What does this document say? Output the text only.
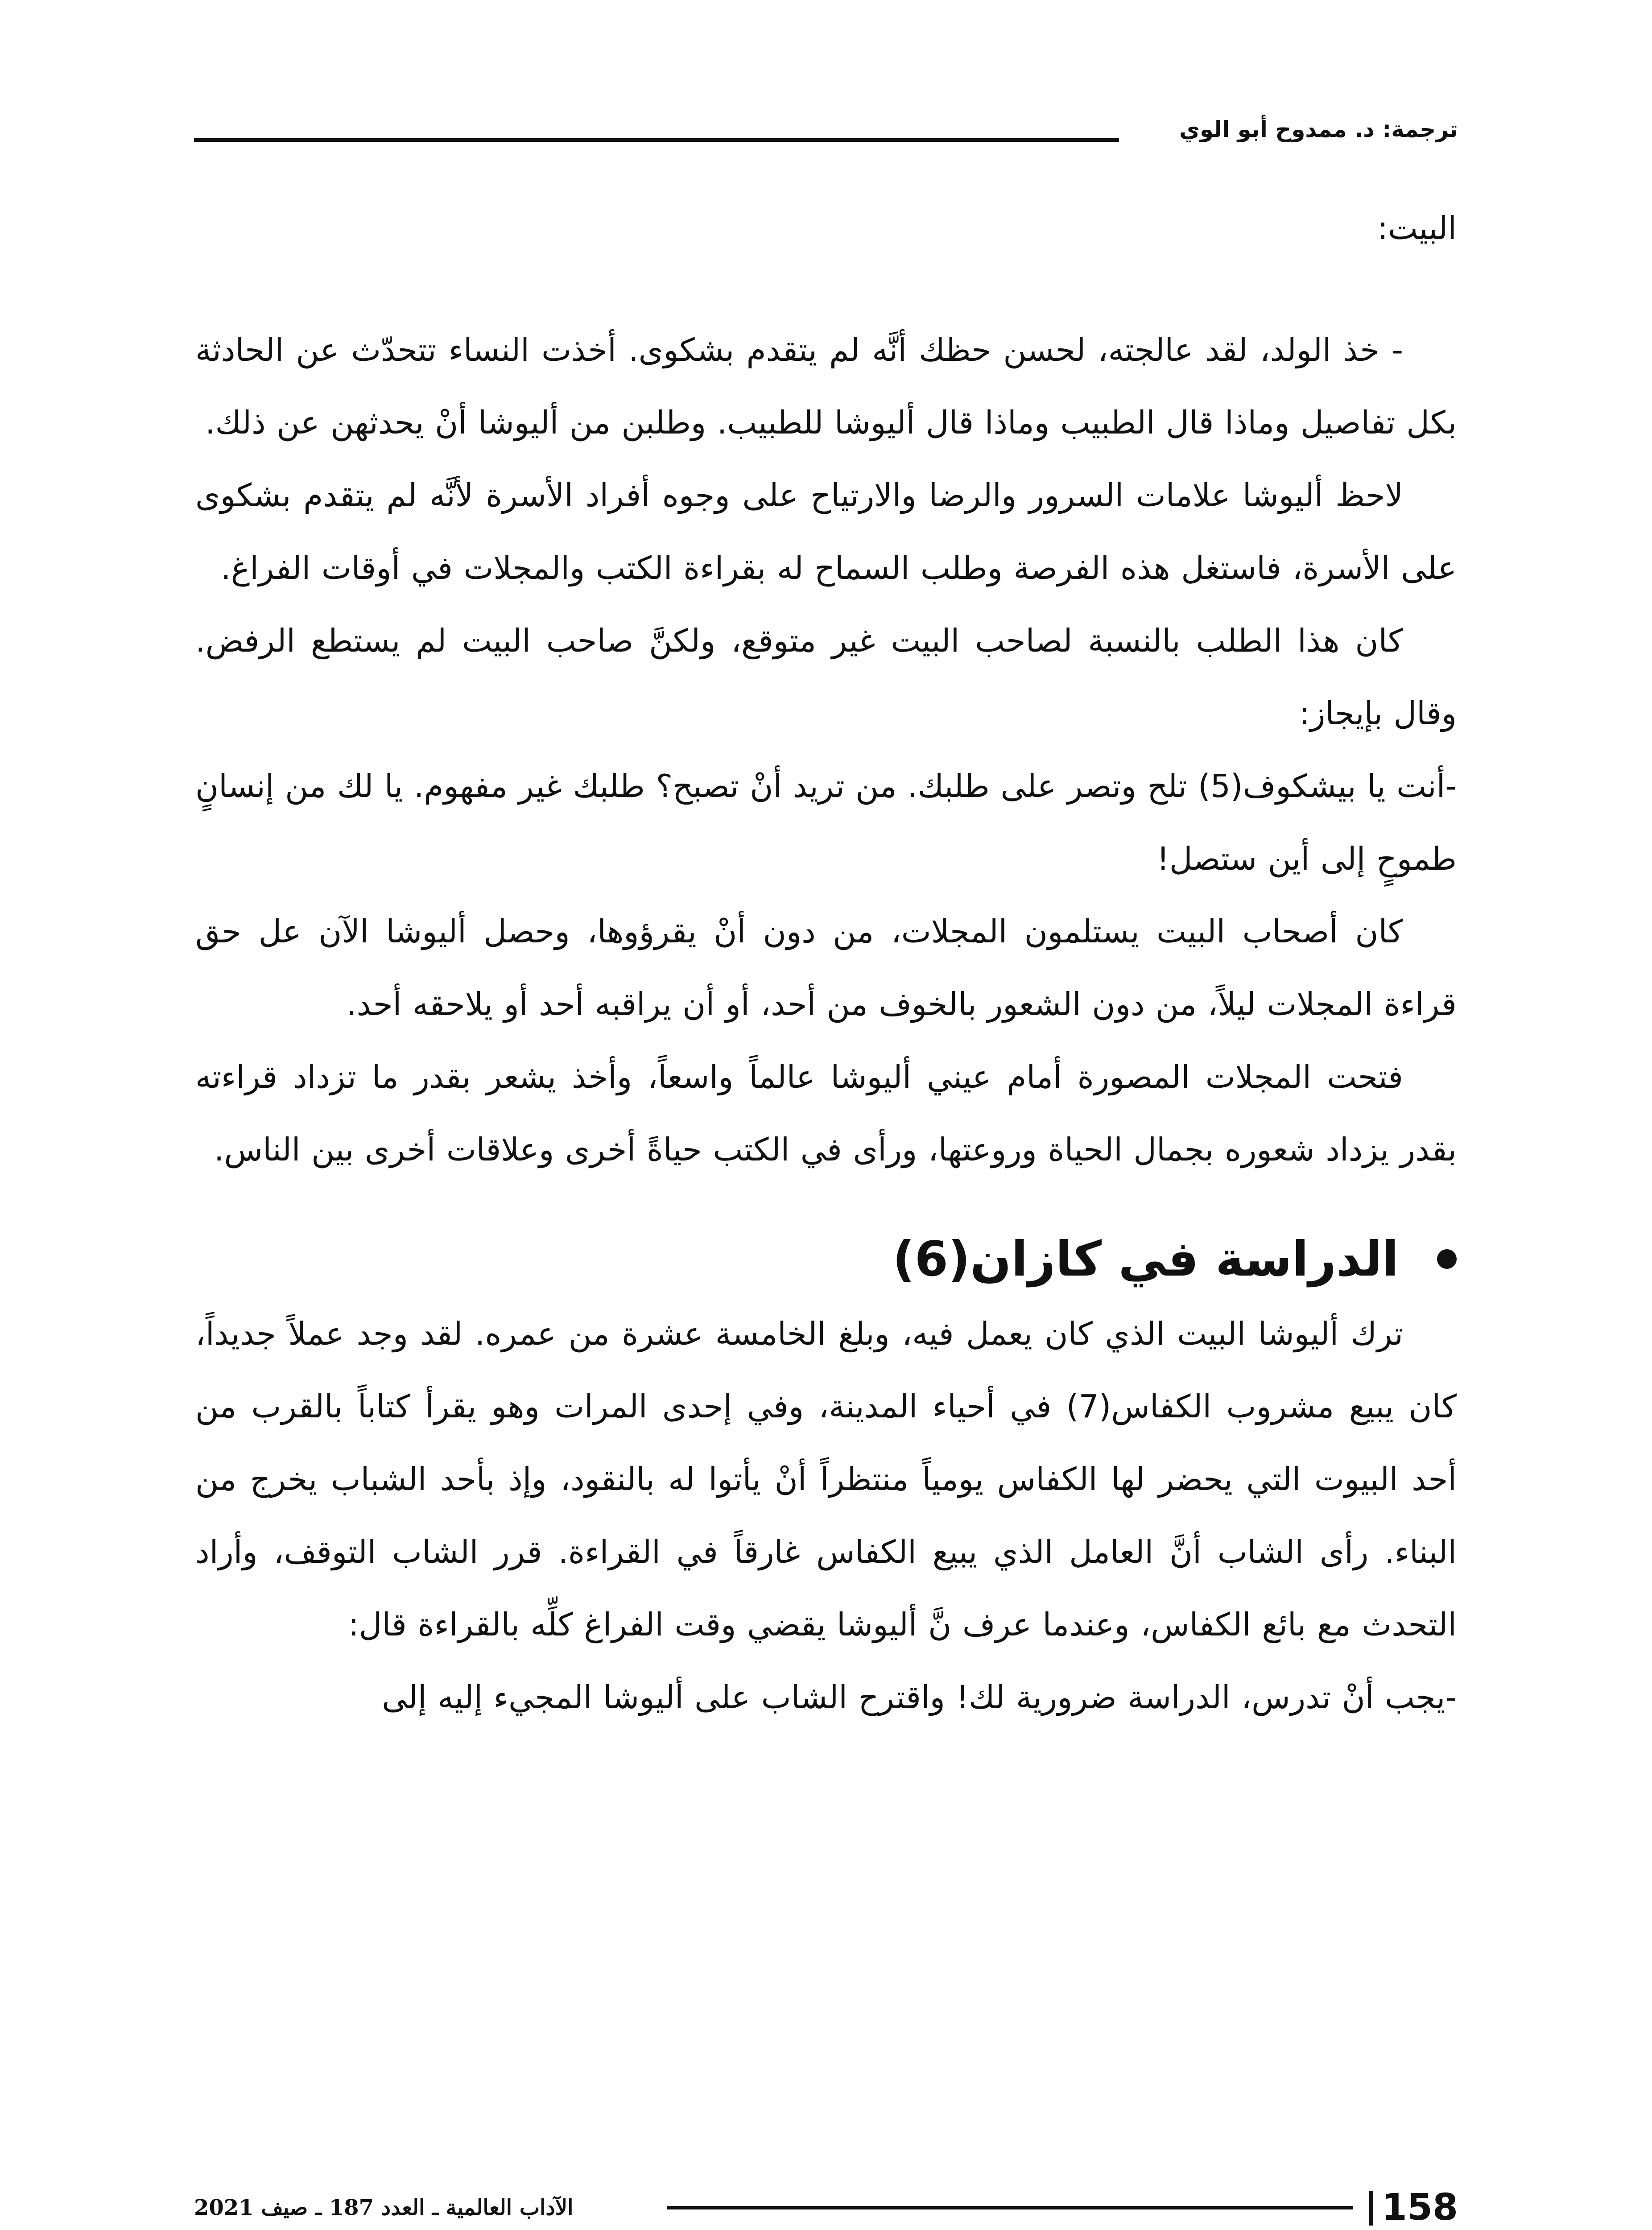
ترجمة: د. ممدوح أبو الوي

البيت:

- خذ الولد، لقد عالجته، لحسن حظك أنَّه لم يتقدم بشكوى. أخذت النساء تتحدّث عن الحادثة بكل تفاصيل وماذا قال الطبيب وماذا قال أليوشا للطبيب. وطلبن من أليوشا أنْ يحدثهن عن ذلك.

لاحظ أليوشا علامات السرور والرضا والارتياح على وجوه أفراد الأسرة لأنَّه لم يتقدم بشكوى على الأسرة، فاستغل هذه الفرصة وطلب السماح له بقراءة الكتب والمجلات في أوقات الفراغ.

كان هذا الطلب بالنسبة لصاحب البيت غير متوقع، ولكنَّ صاحب البيت لم يستطع الرفض. وقال بإيجاز:

-أنت يا بيشكوف(5) تلح وتصر على طلبك. من تريد أنْ تصبح؟ طلبك غير مفهوم. يا لك من إنسانٍ طموحٍ إلى أين ستصل!

كان أصحاب البيت يستلمون المجلات، من دون أنْ يقرؤوها، وحصل أليوشا الآن عل حق قراءة المجلات ليلاً، من دون الشعور بالخوف من أحد، أو أن يراقبه أحد أو يلاحقه أحد.

فتحت المجلات المصورة أمام عيني أليوشا عالماً واسعاً، وأخذ يشعر بقدر ما تزداد قراءته بقدر يزداد شعوره بجمال الحياة وروعتها، ورأى في الكتب حياةً أخرى وعلاقات أخرى بين الناس.

الدراسة في كازان(6)

ترك أليوشا البيت الذي كان يعمل فيه، وبلغ الخامسة عشرة من عمره. لقد وجد عملاً جديداً، كان يبيع مشروب الكفاس(7) في أحياء المدينة، وفي إحدى المرات وهو يقرأ كتاباً بالقرب من أحد البيوت التي يحضر لها الكفاس يومياً منتظراً أنْ يأتوا له بالنقود، وإذ بأحد الشباب يخرج من البناء. رأى الشاب أنَّ العامل الذي يبيع الكفاس غارقاً في القراءة. قرر الشاب التوقف، وأراد التحدث مع بائع الكفاس، وعندما عرف نَّ أليوشا يقضي وقت الفراغ كلِّه بالقراءة قال:

-يجب أنْ تدرس، الدراسة ضرورية لك! واقترح الشاب على أليوشا المجيء إليه إلى

158
الآداب العالمية ـ العدد 187 ـ صيف 2021
